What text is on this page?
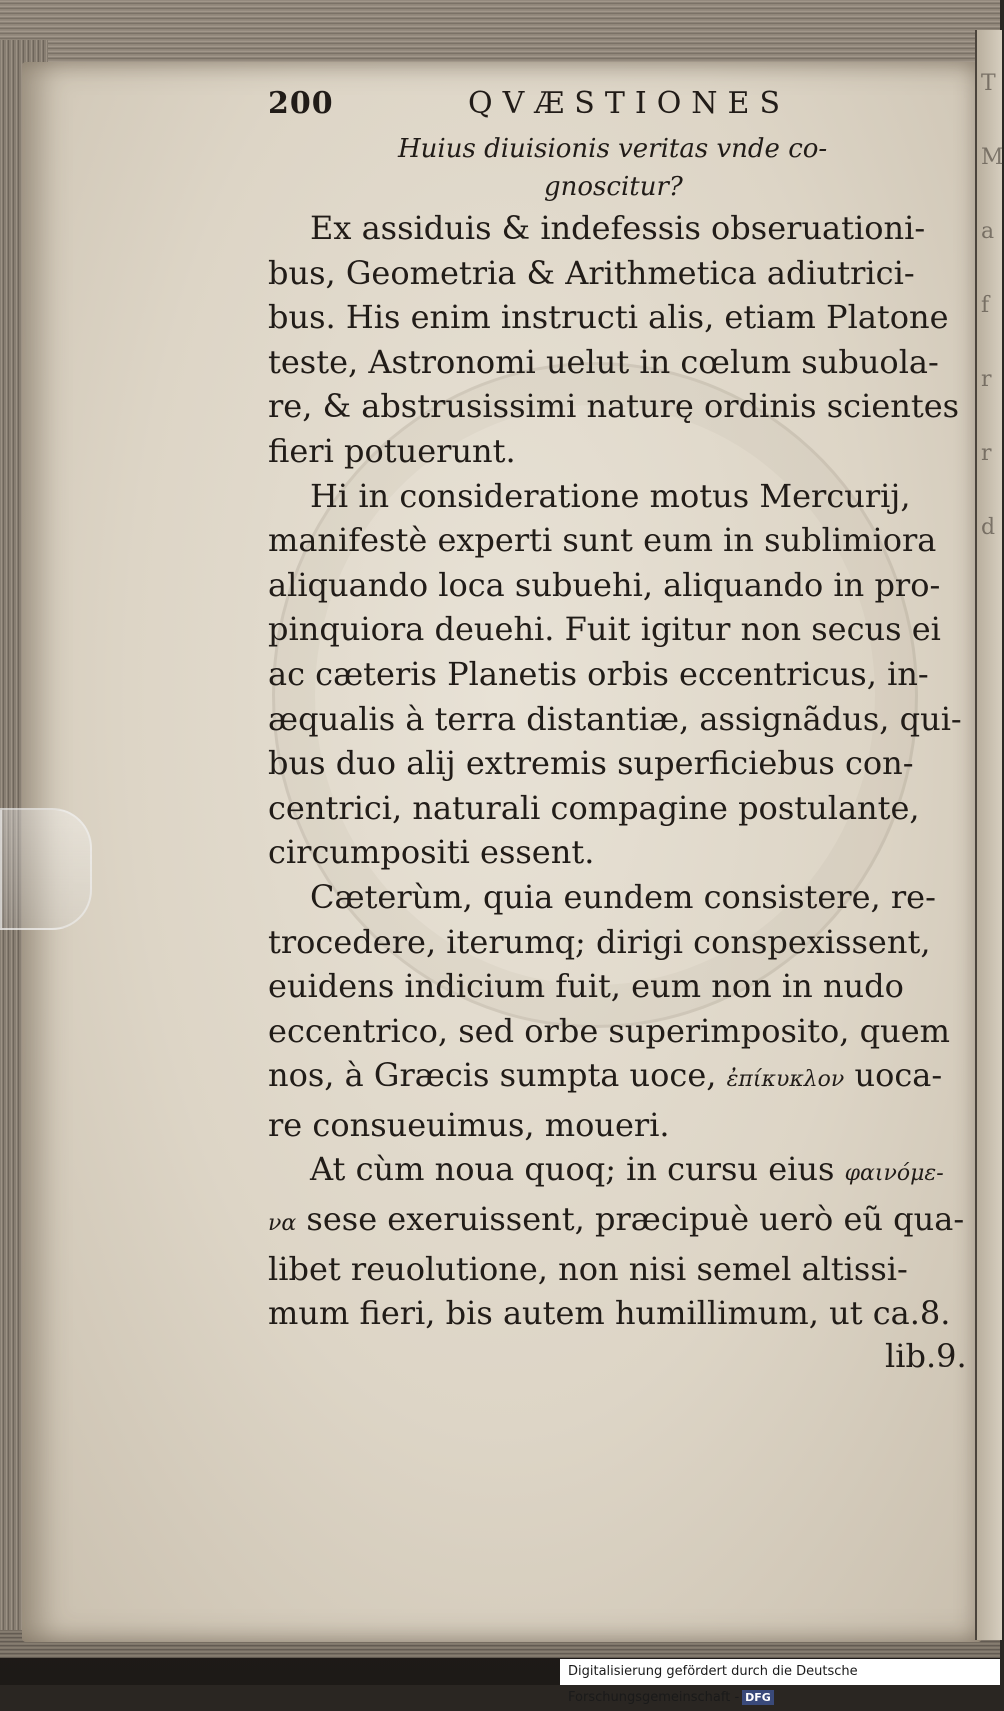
T
M
a
f
r
r
d
200	QVÆSTIONES

Huius diuisionis veritas vnde co-

gnoscitur?

Ex assiduis & indefessis obseruationi-

bus, Geometria & Arithmetica adiutrici-

bus. His enim instructi alis, etiam Platone

teste, Astronomi uelut in cœlum subuola-

re, & abstrusissimi naturę ordinis scientes

fieri potuerunt.

Hi in consideratione motus Mercurij,

manifestè experti sunt eum in sublimiora

aliquando loca subuehi, aliquando in pro-

pinquiora deuehi. Fuit igitur non secus ei

ac cæteris Planetis orbis eccentricus, in-

æqualis à terra distantiæ, assignãdus, qui-

bus duo alij extremis superficiebus con-

centrici, naturali compagine postulante,

circumpositi essent.

Cæterùm, quia eundem consistere, re-

trocedere, iterumq; dirigi conspexissent,

euidens indicium fuit, eum non in nudo

eccentrico, sed orbe superimposito, quem

nos, à Græcis sumpta uoce, ἐπίκυκλον uoca-

re consueuimus, moueri.

At cùm noua quoq; in cursu eius φαινόμε-

να sese exeruissent, præcipuè uerò eũ qua-

libet reuolutione, non nisi semel altissi-

mum fieri, bis autem humillimum, ut ca.8.

lib.9.

Digitalisierung gefördert durch die Deutsche Forschungsgemeinschaft - DFG
